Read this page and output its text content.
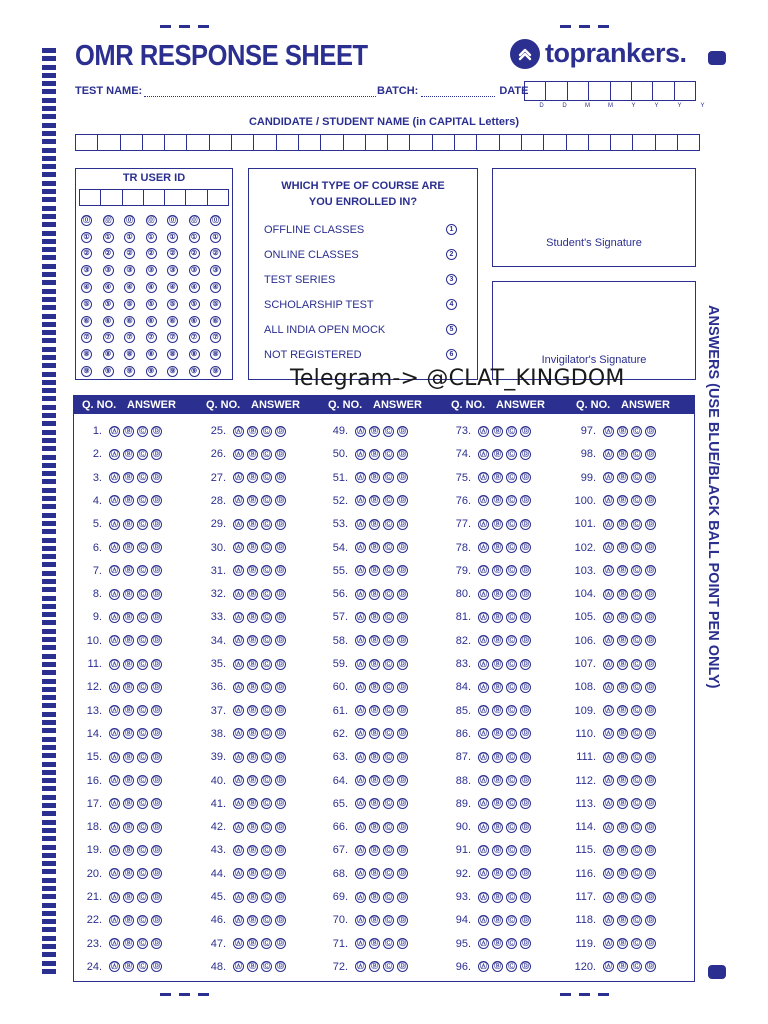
OMR RESPONSE SHEET	toprankers.
TEST NAME:	BATCH:	DATE
D	D	M	M	Y	Y	Y	Y
CANDIDATE / STUDENT NAME (in CAPITAL Letters)
TR USER ID
⓪ ⓪ ⓪ ⓪ ⓪ ⓪ ⓪
①	①	①	①	①	①	①
②	②	②	②	②	②	②
③	③	③	③	③	③	③
④	④	④	④	④	④	④
⑤	⑤	⑤	⑤	⑤	⑤	⑤
⑥	⑥	⑥	⑥	⑥	⑥	⑥
⑦	⑦	⑦	⑦	⑦	⑦	⑦
⑧	⑧	⑧	⑧	⑧	⑧	⑧
⑨	⑨	⑨	⑨	⑨	⑨	⑨
WHICH TYPE OF COURSE ARE YOU ENROLLED IN?
OFFLINE CLASSES	1
ONLINE CLASSES	2
TEST SERIES	3
SCHOLARSHIP TEST	4
ALL INDIA OPEN MOCK	5
NOT REGISTERED	6
Student's Signature
Invigilator's Signature
Telegram-> @CLAT_KINGDOM
Q. NO. ANSWER	Q. NO. ANSWER	Q. NO. ANSWER	Q. NO. ANSWER	Q. NO. ANSWER
1. Ⓐ Ⓑ Ⓒ Ⓓ
2. Ⓐ Ⓑ Ⓒ Ⓓ
3. Ⓐ Ⓑ Ⓒ Ⓓ
4. Ⓐ Ⓑ Ⓒ Ⓓ
5. Ⓐ Ⓑ Ⓒ Ⓓ
6. Ⓐ Ⓑ Ⓒ Ⓓ
7. Ⓐ Ⓑ Ⓒ Ⓓ
8. Ⓐ Ⓑ Ⓒ Ⓓ
9. Ⓐ Ⓑ Ⓒ Ⓓ
10. Ⓐ Ⓑ Ⓒ Ⓓ
11. Ⓐ Ⓑ Ⓒ Ⓓ
12. Ⓐ Ⓑ Ⓒ Ⓓ
13. Ⓐ Ⓑ Ⓒ Ⓓ
14. Ⓐ Ⓑ Ⓒ Ⓓ
15. Ⓐ Ⓑ Ⓒ Ⓓ
16. Ⓐ Ⓑ Ⓒ Ⓓ
17. Ⓐ Ⓑ Ⓒ Ⓓ
18. Ⓐ Ⓑ Ⓒ Ⓓ
19. Ⓐ Ⓑ Ⓒ Ⓓ
20. Ⓐ Ⓑ Ⓒ Ⓓ
21. Ⓐ Ⓑ Ⓒ Ⓓ
22. Ⓐ Ⓑ Ⓒ Ⓓ
23. Ⓐ Ⓑ Ⓒ Ⓓ
24. Ⓐ Ⓑ Ⓒ Ⓓ
25. Ⓐ Ⓑ Ⓒ Ⓓ
26. Ⓐ Ⓑ Ⓒ Ⓓ
27. Ⓐ Ⓑ Ⓒ Ⓓ
28. Ⓐ Ⓑ Ⓒ Ⓓ
29. Ⓐ Ⓑ Ⓒ Ⓓ
30. Ⓐ Ⓑ Ⓒ Ⓓ
31. Ⓐ Ⓑ Ⓒ Ⓓ
32. Ⓐ Ⓑ Ⓒ Ⓓ
33. Ⓐ Ⓑ Ⓒ Ⓓ
34. Ⓐ Ⓑ Ⓒ Ⓓ
35. Ⓐ Ⓑ Ⓒ Ⓓ
36. Ⓐ Ⓑ Ⓒ Ⓓ
37. Ⓐ Ⓑ Ⓒ Ⓓ
38. Ⓐ Ⓑ Ⓒ Ⓓ
39. Ⓐ Ⓑ Ⓒ Ⓓ
40. Ⓐ Ⓑ Ⓒ Ⓓ
41. Ⓐ Ⓑ Ⓒ Ⓓ
42. Ⓐ Ⓑ Ⓒ Ⓓ
43. Ⓐ Ⓑ Ⓒ Ⓓ
44. Ⓐ Ⓑ Ⓒ Ⓓ
45. Ⓐ Ⓑ Ⓒ Ⓓ
46. Ⓐ Ⓑ Ⓒ Ⓓ
47. Ⓐ Ⓑ Ⓒ Ⓓ
48. Ⓐ Ⓑ Ⓒ Ⓓ
49. Ⓐ Ⓑ Ⓒ Ⓓ
50. Ⓐ Ⓑ Ⓒ Ⓓ
51. Ⓐ Ⓑ Ⓒ Ⓓ
52. Ⓐ Ⓑ Ⓒ Ⓓ
53. Ⓐ Ⓑ Ⓒ Ⓓ
54. Ⓐ Ⓑ Ⓒ Ⓓ
55. Ⓐ Ⓑ Ⓒ Ⓓ
56. Ⓐ Ⓑ Ⓒ Ⓓ
57. Ⓐ Ⓑ Ⓒ Ⓓ
58. Ⓐ Ⓑ Ⓒ Ⓓ
59. Ⓐ Ⓑ Ⓒ Ⓓ
60. Ⓐ Ⓑ Ⓒ Ⓓ
61. Ⓐ Ⓑ Ⓒ Ⓓ
62. Ⓐ Ⓑ Ⓒ Ⓓ
63. Ⓐ Ⓑ Ⓒ Ⓓ
64. Ⓐ Ⓑ Ⓒ Ⓓ
65. Ⓐ Ⓑ Ⓒ Ⓓ
66. Ⓐ Ⓑ Ⓒ Ⓓ
67. Ⓐ Ⓑ Ⓒ Ⓓ
68. Ⓐ Ⓑ Ⓒ Ⓓ
69. Ⓐ Ⓑ Ⓒ Ⓓ
70. Ⓐ Ⓑ Ⓒ Ⓓ
71. Ⓐ Ⓑ Ⓒ Ⓓ
72. Ⓐ Ⓑ Ⓒ Ⓓ
73. Ⓐ Ⓑ Ⓒ Ⓓ
74. Ⓐ Ⓑ Ⓒ Ⓓ
75. Ⓐ Ⓑ Ⓒ Ⓓ
76. Ⓐ Ⓑ Ⓒ Ⓓ
77. Ⓐ Ⓑ Ⓒ Ⓓ
78. Ⓐ Ⓑ Ⓒ Ⓓ
79. Ⓐ Ⓑ Ⓒ Ⓓ
80. Ⓐ Ⓑ Ⓒ Ⓓ
81. Ⓐ Ⓑ Ⓒ Ⓓ
82. Ⓐ Ⓑ Ⓒ Ⓓ
83. Ⓐ Ⓑ Ⓒ Ⓓ
84. Ⓐ Ⓑ Ⓒ Ⓓ
85. Ⓐ Ⓑ Ⓒ Ⓓ
86. Ⓐ Ⓑ Ⓒ Ⓓ
87. Ⓐ Ⓑ Ⓒ Ⓓ
88. Ⓐ Ⓑ Ⓒ Ⓓ
89. Ⓐ Ⓑ Ⓒ Ⓓ
90. Ⓐ Ⓑ Ⓒ Ⓓ
91. Ⓐ Ⓑ Ⓒ Ⓓ
92. Ⓐ Ⓑ Ⓒ Ⓓ
93. Ⓐ Ⓑ Ⓒ Ⓓ
94. Ⓐ Ⓑ Ⓒ Ⓓ
95. Ⓐ Ⓑ Ⓒ Ⓓ
96. Ⓐ Ⓑ Ⓒ Ⓓ
97. Ⓐ Ⓑ Ⓒ Ⓓ
98. Ⓐ Ⓑ Ⓒ Ⓓ
99. Ⓐ Ⓑ Ⓒ Ⓓ
100. Ⓐ Ⓑ Ⓒ Ⓓ
101. Ⓐ Ⓑ Ⓒ Ⓓ
102. Ⓐ Ⓑ Ⓒ Ⓓ
103. Ⓐ Ⓑ Ⓒ Ⓓ
104. Ⓐ Ⓑ Ⓒ Ⓓ
105. Ⓐ Ⓑ Ⓒ Ⓓ
106. Ⓐ Ⓑ Ⓒ Ⓓ
107. Ⓐ Ⓑ Ⓒ Ⓓ
108. Ⓐ Ⓑ Ⓒ Ⓓ
109. Ⓐ Ⓑ Ⓒ Ⓓ
110. Ⓐ Ⓑ Ⓒ Ⓓ
111. Ⓐ Ⓑ Ⓒ Ⓓ
112. Ⓐ Ⓑ Ⓒ Ⓓ
113. Ⓐ Ⓑ Ⓒ Ⓓ
114. Ⓐ Ⓑ Ⓒ Ⓓ
115. Ⓐ Ⓑ Ⓒ Ⓓ
116. Ⓐ Ⓑ Ⓒ Ⓓ
117. Ⓐ Ⓑ Ⓒ Ⓓ
118. Ⓐ Ⓑ Ⓒ Ⓓ
119. Ⓐ Ⓑ Ⓒ Ⓓ
120. Ⓐ Ⓑ Ⓒ Ⓓ
ANSWERS (USE BLUE/BLACK BALL POINT PEN ONLY)
